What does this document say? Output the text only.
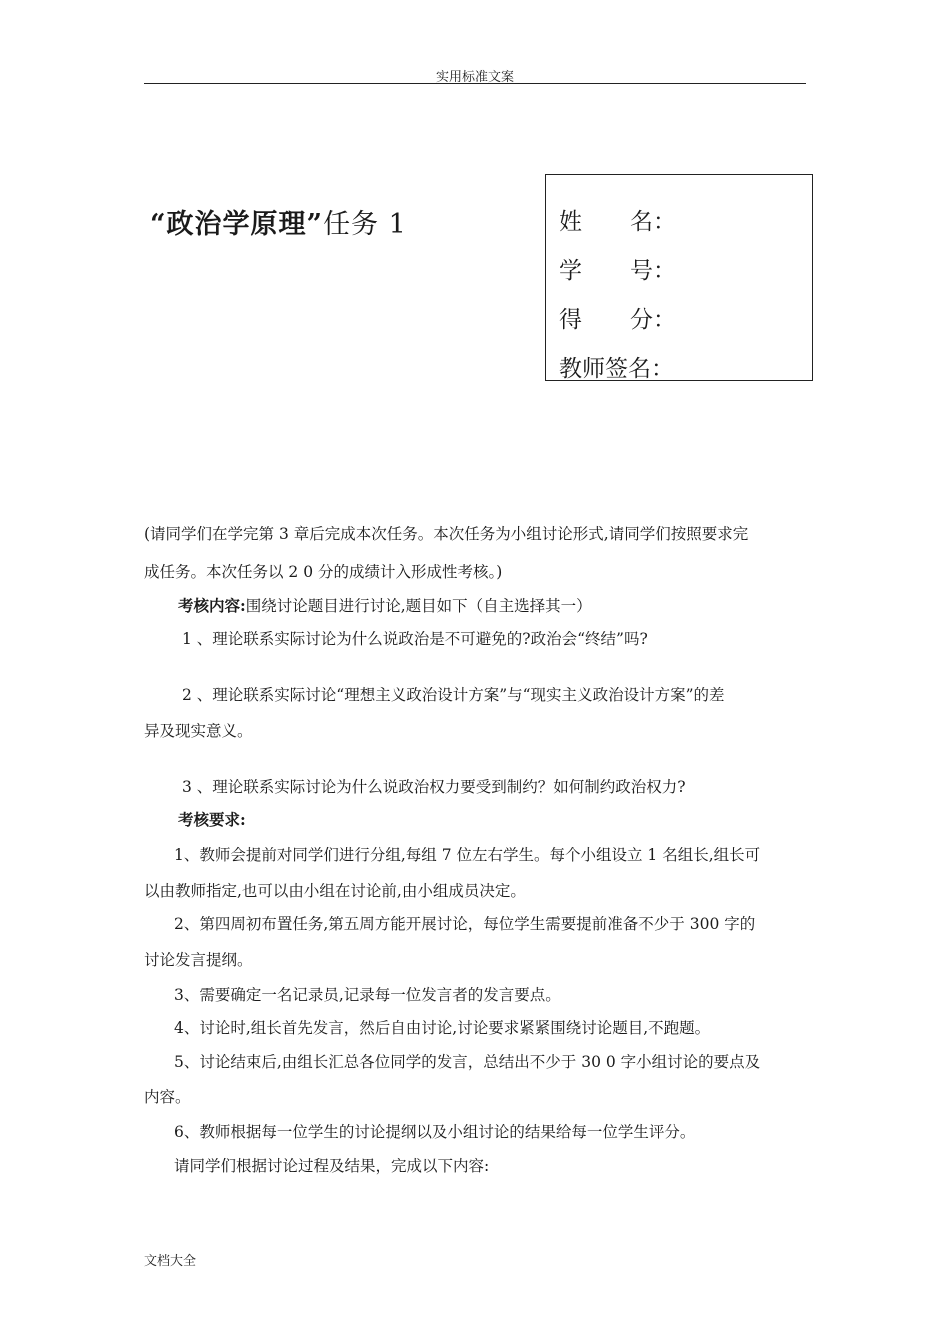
实用标准文案
“政治学原理”任务 1	姓 名：
学 号：
得 分：
教师签名：
(请同学们在学完第 3 章后完成本次任务。本次任务为小组讨论形式,请同学们按照要求完
成任务。本次任务以 2 0 分的成绩计入形成性考核。)
考核内容:围绕讨论题目进行讨论,题目如下（自主选择其一）
1 、理论联系实际讨论为什么说政治是不可避免的?政治会“终结”吗?
2 、理论联系实际讨论“理想主义政治设计方案”与“现实主义政治设计方案”的差
异及现实意义。
3 、理论联系实际讨论为什么说政治权力要受到制约？如何制约政治权力?
考核要求:
1、教师会提前对同学们进行分组,每组 7 位左右学生。每个小组设立 1 名组长,组长可
以由教师指定,也可以由小组在讨论前,由小组成员决定。
2、第四周初布置任务,第五周方能开展讨论，每位学生需要提前准备不少于 300 字的
讨论发言提纲。
3、需要确定一名记录员,记录每一位发言者的发言要点。
4、讨论时,组长首先发言，然后自由讨论,讨论要求紧紧围绕讨论题目,不跑题。
5、讨论结束后,由组长汇总各位同学的发言，总结出不少于 30 0 字小组讨论的要点及
内容。
6、教师根据每一位学生的讨论提纲以及小组讨论的结果给每一位学生评分。
请同学们根据讨论过程及结果，完成以下内容:
文档大全
